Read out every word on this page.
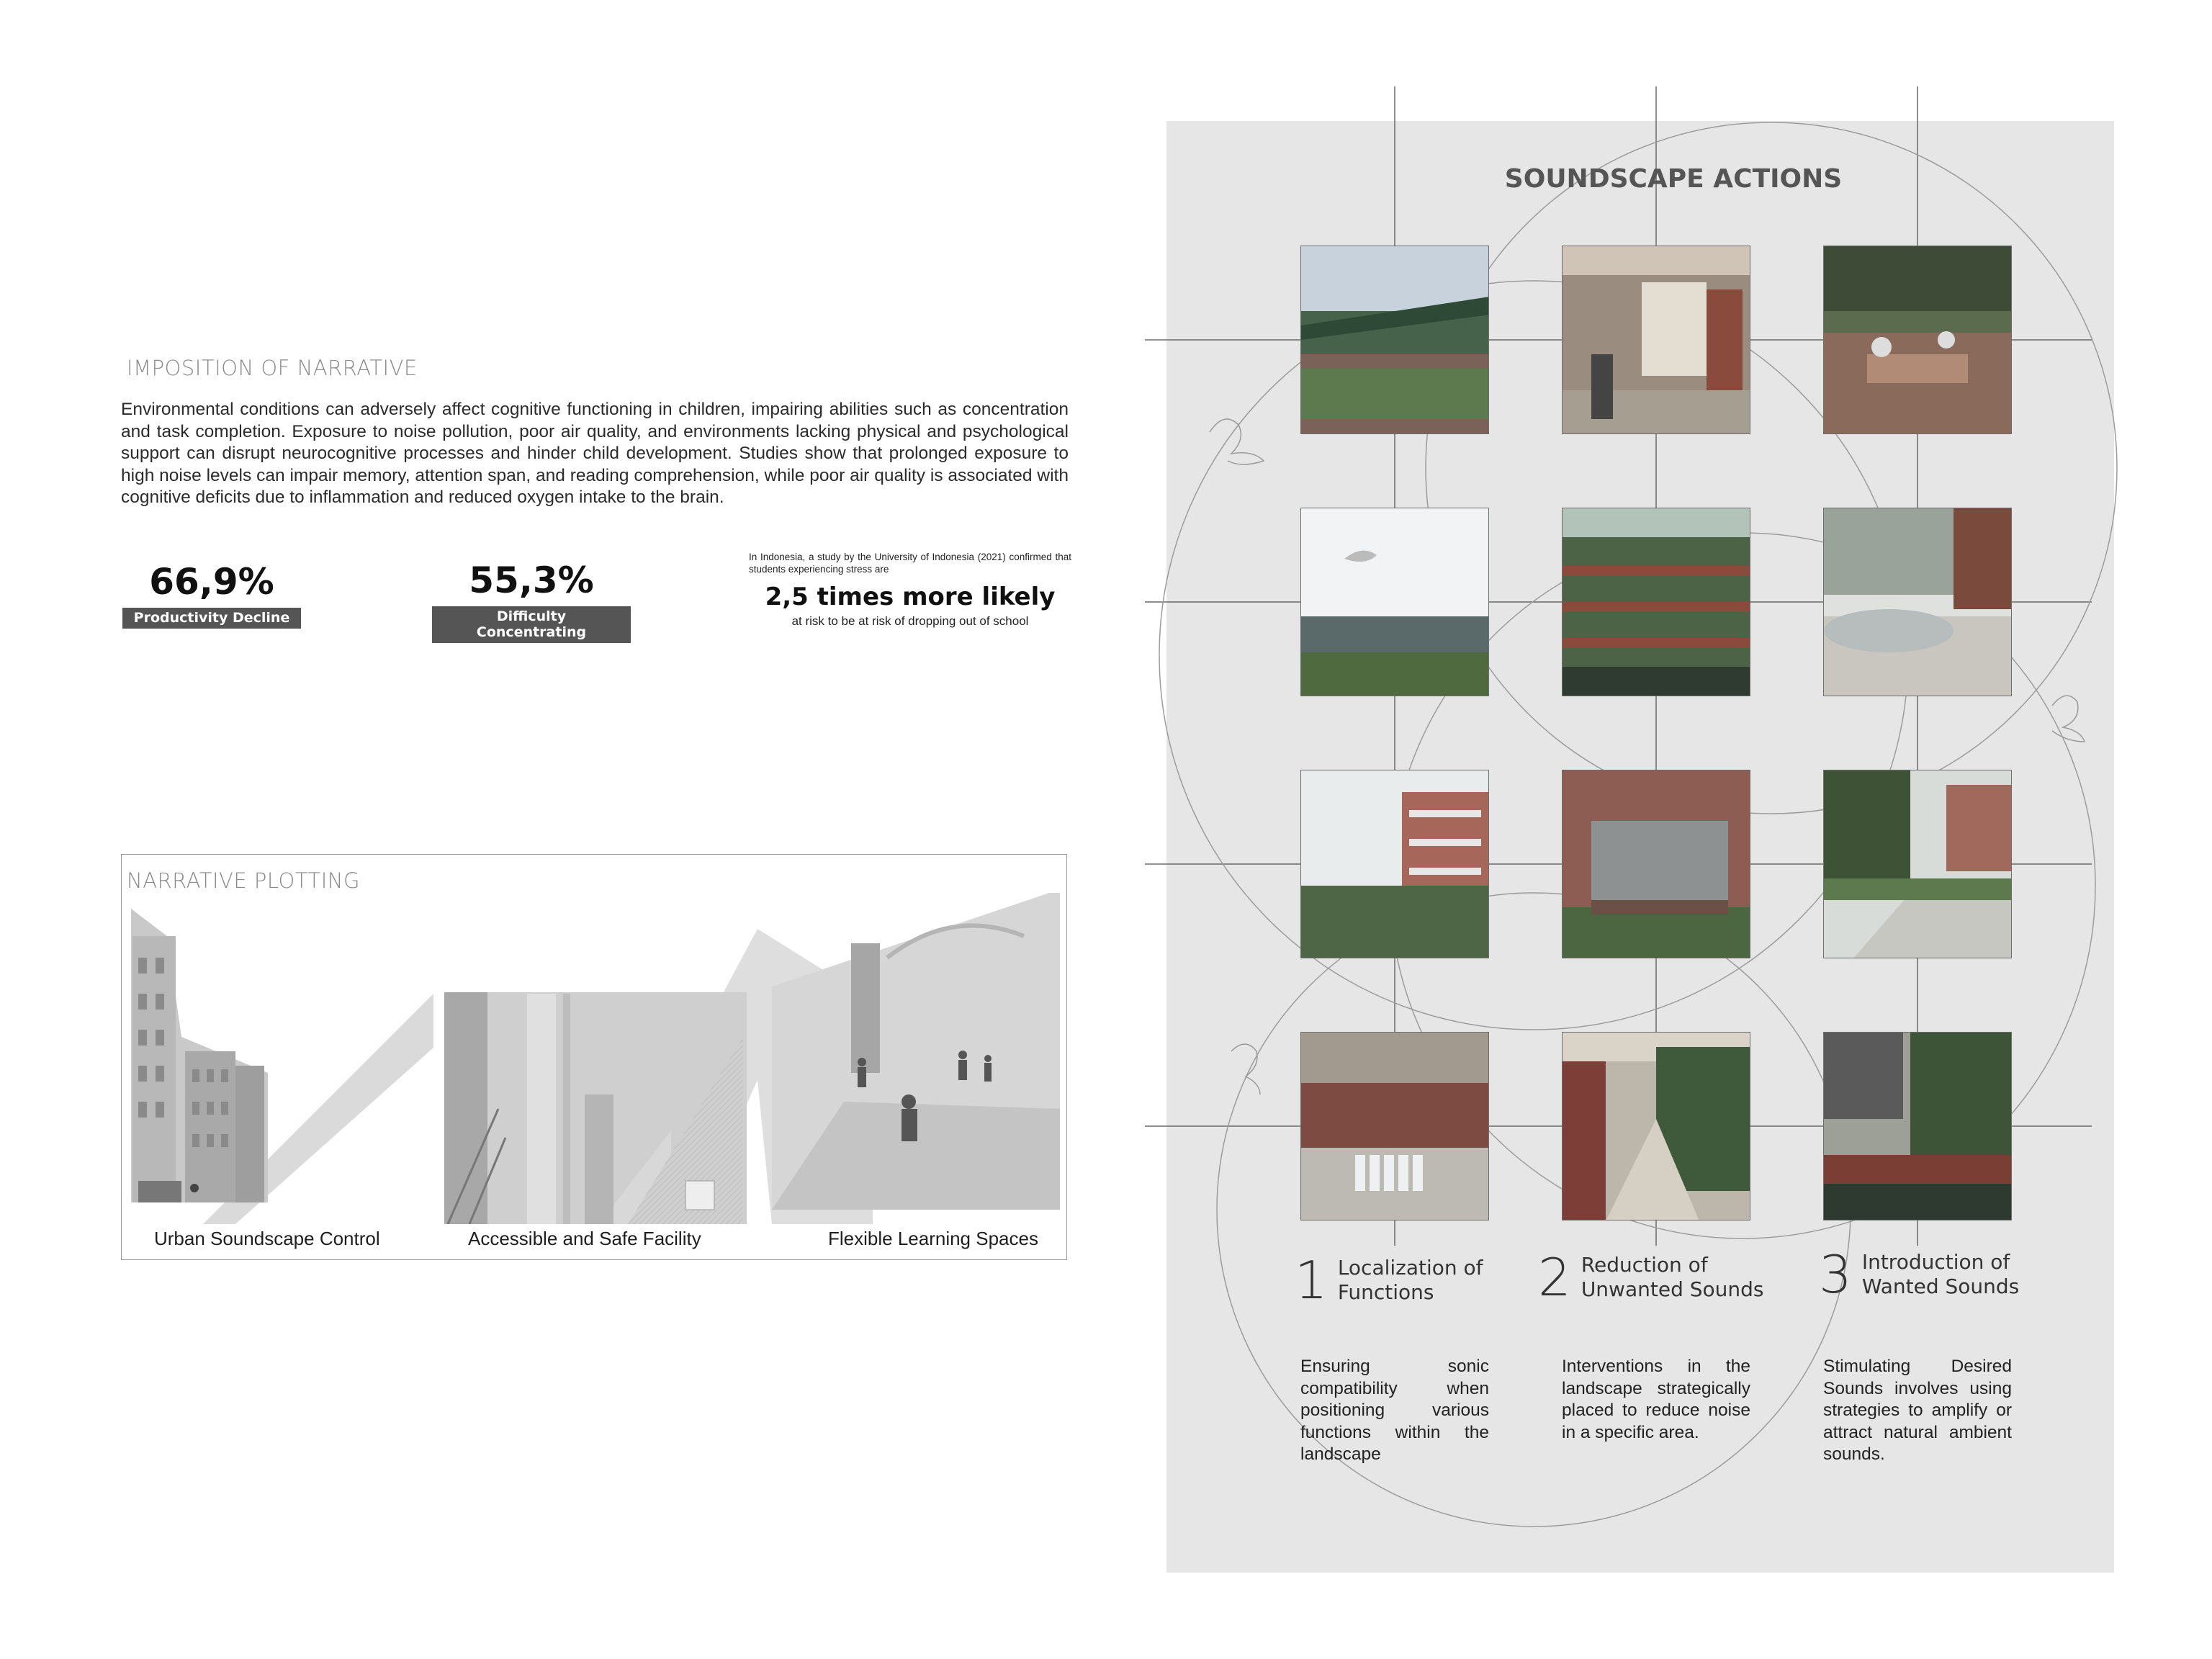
IMPOSITION OF NARRATIVE

Environmental conditions can adversely affect cognitive functioning in children, impairing abilities such as concentration and task completion. Exposure to noise pollution, poor air quality, and environments lacking physical and psychological support can disrupt neurocognitive processes and hinder child development. Studies show that prolonged exposure to high noise levels can impair memory, attention span, and reading comprehension, while poor air quality is associated with cognitive deficits due to inflammation and reduced oxygen intake to the brain.

66,9%
Productivity Decline
55,3%
Difficulty Concentrating

In Indonesia, a study by the University of Indonesia (2021) confirmed that students experiencing stress are

2,5 times more likely

at risk to be at risk of dropping out of school

NARRATIVE PLOTTING
Urban Soundscape Control	Accessible and Safe Facility	Flexible Learning Spaces
SOUNDSCAPE ACTIONS
1 Localization of
Functions	2 Reduction of
Unwanted Sounds 3 Introduction of
Wanted Sounds

Ensuring sonic compatibility when positioning various functions within the landscape

Interventions in the landscape strategically placed to reduce noise in a specific area.

Stimulating Desired Sounds involves using strategies to amplify or attract natural ambient sounds.
